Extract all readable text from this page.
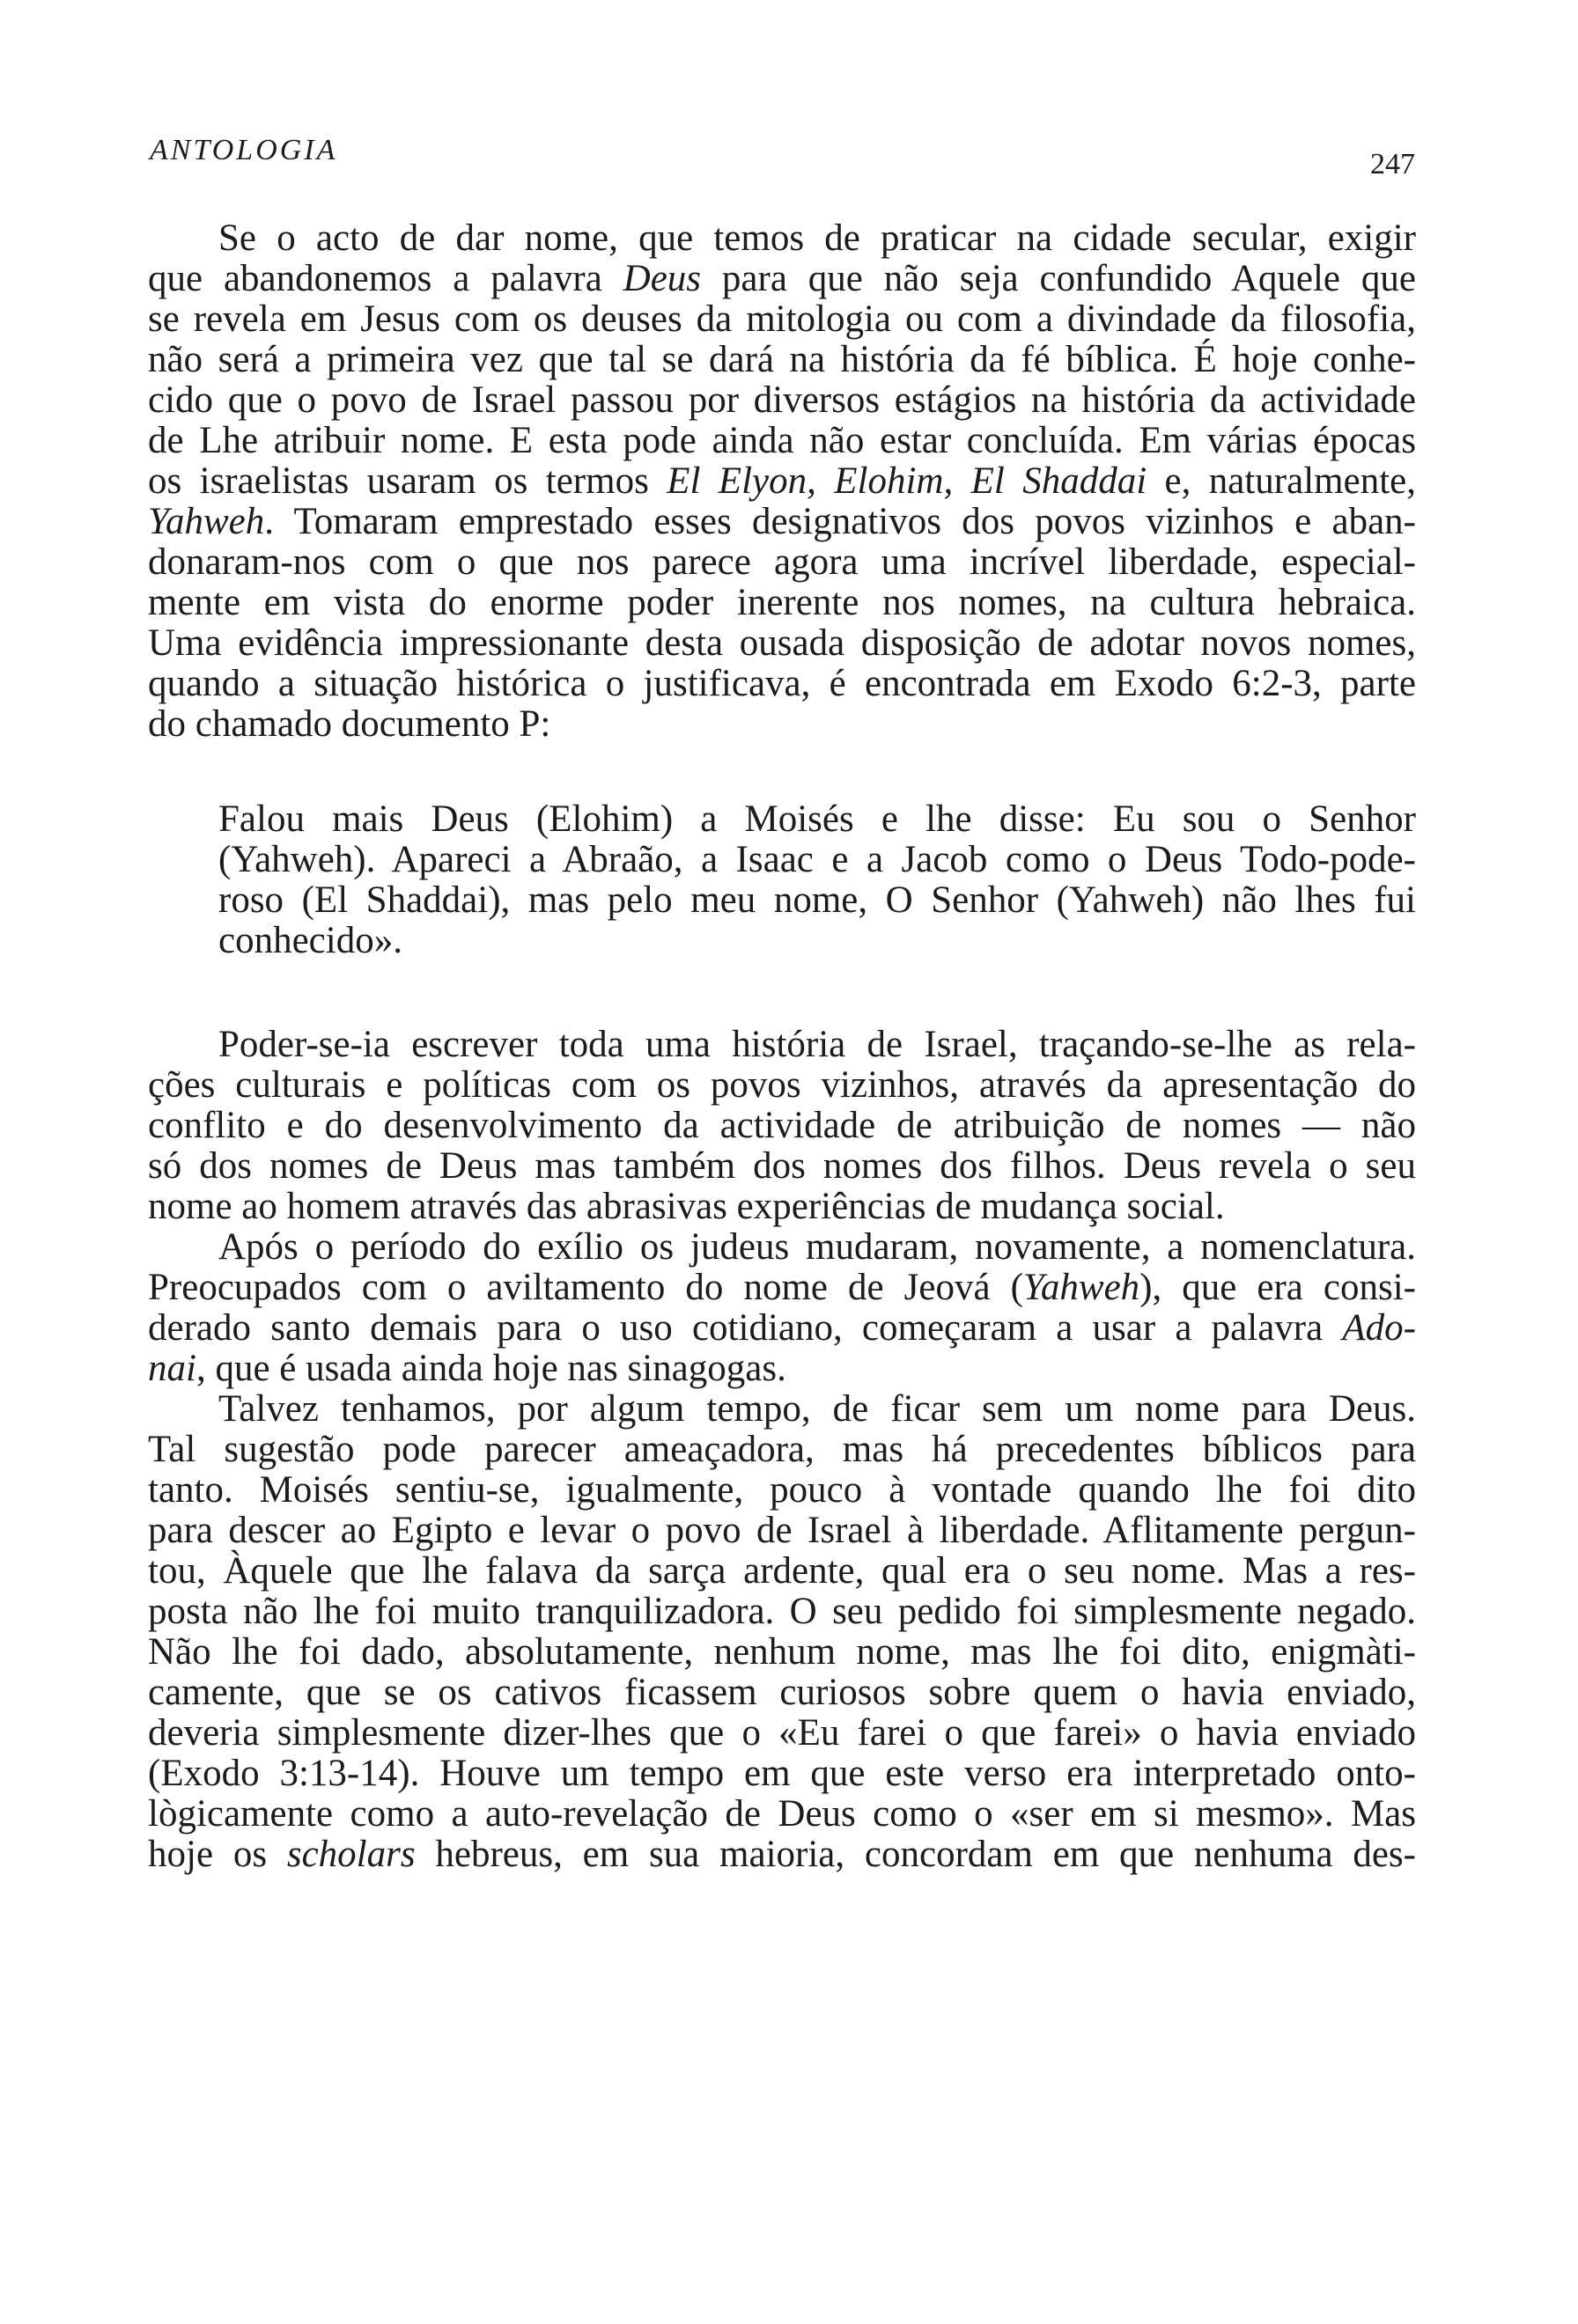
ANTOLOGIA	247
Se o acto de dar nome, que temos de praticar na cidade secular, exigir
que abandonemos a palavra Deus para que não seja confundido Aquele que
se revela em Jesus com os deuses da mitologia ou com a divindade da filosofia,
não será a primeira vez que tal se dará na história da fé bíblica. É hoje conhe-
cido que o povo de Israel passou por diversos estágios na história da actividade
de Lhe atribuir nome. E esta pode ainda não estar concluída. Em várias épocas
os israelistas usaram os termos El Elyon, Elohim, El Shaddai e, naturalmente,
Yahweh. Tomaram emprestado esses designativos dos povos vizinhos e aban-
donaram-nos com o que nos parece agora uma incrível liberdade, especial-
mente em vista do enorme poder inerente nos nomes, na cultura hebraica.
Uma evidência impressionante desta ousada disposição de adotar novos nomes,
quando a situação histórica o justificava, é encontrada em Exodo 6:2-3, parte
do chamado documento P:
Falou mais Deus (Elohim) a Moisés e lhe disse: Eu sou o Senhor
(Yahweh). Apareci a Abraão, a Isaac e a Jacob como o Deus Todo-pode-
roso (El Shaddai), mas pelo meu nome, O Senhor (Yahweh) não lhes fui
conhecido».
Poder-se-ia escrever toda uma história de Israel, traçando-se-lhe as rela-
ções culturais e políticas com os povos vizinhos, através da apresentação do
conflito e do desenvolvimento da actividade de atribuição de nomes — não
só dos nomes de Deus mas também dos nomes dos filhos. Deus revela o seu
nome ao homem através das abrasivas experiências de mudança social.
Após o período do exílio os judeus mudaram, novamente, a nomenclatura.
Preocupados com o aviltamento do nome de Jeová (Yahweh), que era consi-
derado santo demais para o uso cotidiano, começaram a usar a palavra Ado-
nai, que é usada ainda hoje nas sinagogas.
Talvez tenhamos, por algum tempo, de ficar sem um nome para Deus.
Tal sugestão pode parecer ameaçadora, mas há precedentes bíblicos para
tanto. Moisés sentiu-se, igualmente, pouco à vontade quando lhe foi dito
para descer ao Egipto e levar o povo de Israel à liberdade. Aflitamente pergun-
tou, Àquele que lhe falava da sarça ardente, qual era o seu nome. Mas a res-
posta não lhe foi muito tranquilizadora. O seu pedido foi simplesmente negado.
Não lhe foi dado, absolutamente, nenhum nome, mas lhe foi dito, enigmàti-
camente, que se os cativos ficassem curiosos sobre quem o havia enviado,
deveria simplesmente dizer-lhes que o «Eu farei o que farei» o havia enviado
(Exodo 3:13-14). Houve um tempo em que este verso era interpretado onto-
lògicamente como a auto-revelação de Deus como o «ser em si mesmo». Mas
hoje os scholars hebreus, em sua maioria, concordam em que nenhuma des-
